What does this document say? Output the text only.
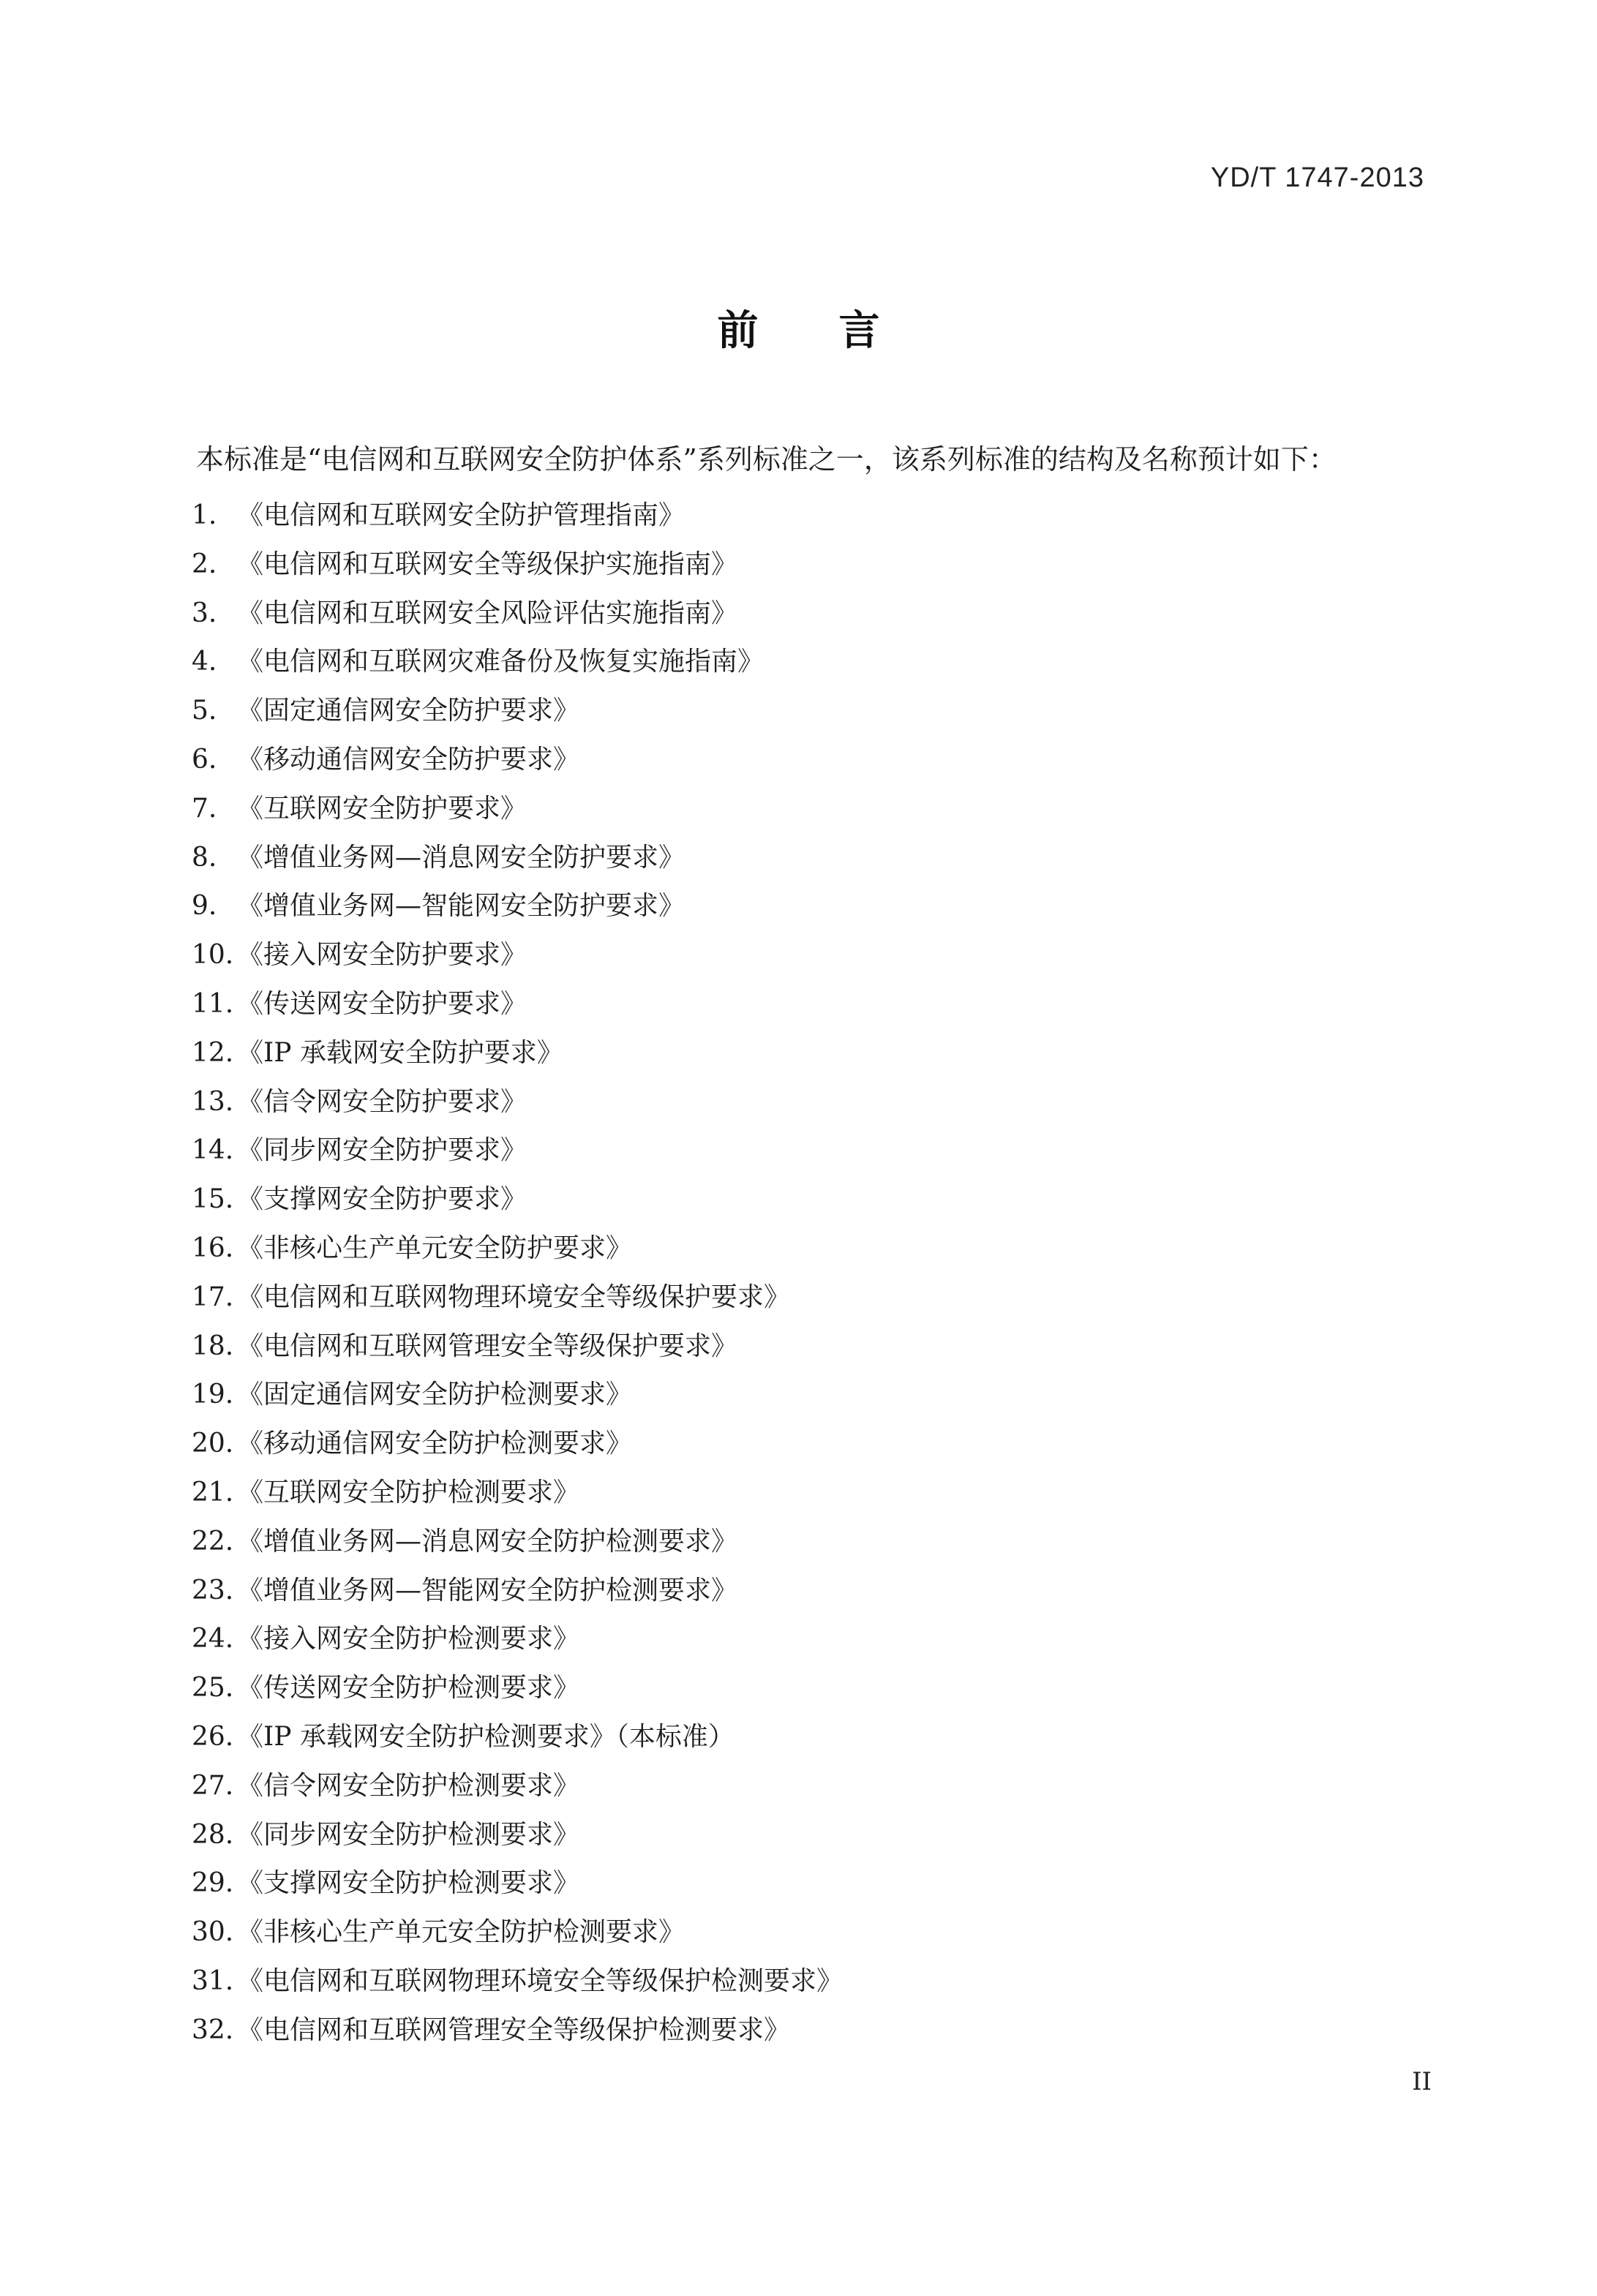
YD/T 1747-2013
前言
本标准是“电信网和互联网安全防护体系”系列标准之一，该系列标准的结构及名称预计如下：
1. 《电信网和互联网安全防护管理指南》
2. 《电信网和互联网安全等级保护实施指南》
3. 《电信网和互联网安全风险评估实施指南》
4. 《电信网和互联网灾难备份及恢复实施指南》
5. 《固定通信网安全防护要求》
6. 《移动通信网安全防护要求》
7. 《互联网安全防护要求》
8. 《增值业务网—消息网安全防护要求》
9. 《增值业务网—智能网安全防护要求》
10. 《接入网安全防护要求》
11. 《传送网安全防护要求》
12. 《IP 承载网安全防护要求》
13. 《信令网安全防护要求》
14. 《同步网安全防护要求》
15. 《支撑网安全防护要求》
16. 《非核心生产单元安全防护要求》
17. 《电信网和互联网物理环境安全等级保护要求》
18. 《电信网和互联网管理安全等级保护要求》
19. 《固定通信网安全防护检测要求》
20. 《移动通信网安全防护检测要求》
21. 《互联网安全防护检测要求》
22. 《增值业务网—消息网安全防护检测要求》
23. 《增值业务网—智能网安全防护检测要求》
24. 《接入网安全防护检测要求》
25. 《传送网安全防护检测要求》
26. 《IP 承载网安全防护检测要求》（本标准）
27. 《信令网安全防护检测要求》
28. 《同步网安全防护检测要求》
29. 《支撑网安全防护检测要求》
30. 《非核心生产单元安全防护检测要求》
31. 《电信网和互联网物理环境安全等级保护检测要求》
32. 《电信网和互联网管理安全等级保护检测要求》
II
